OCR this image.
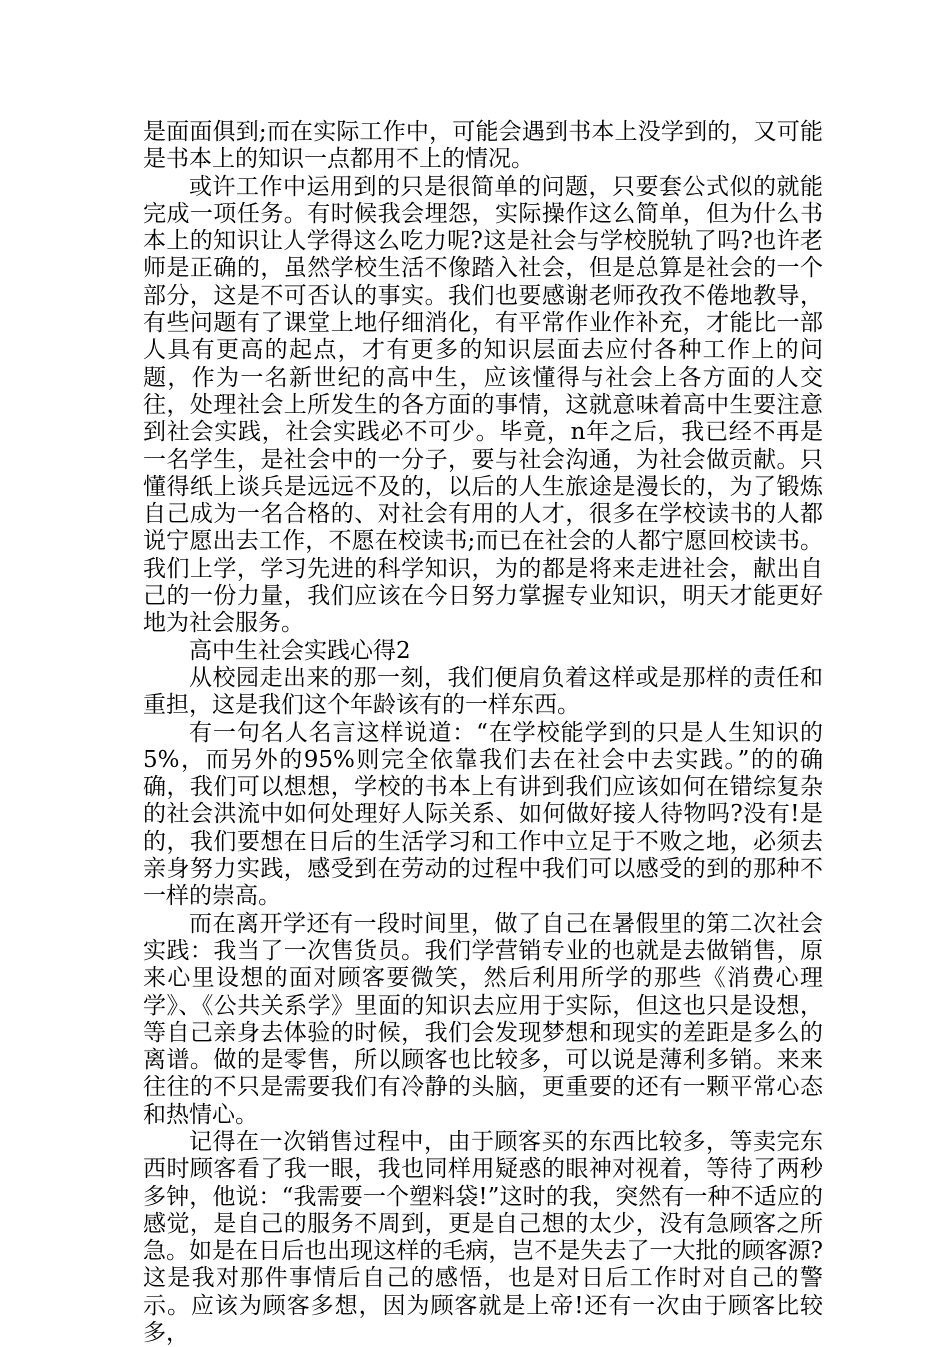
是面面俱到;而在实际工作中，可能会遇到书本上没学到的，又可能是书本上的知识一点都用不上的情况。

或许工作中运用到的只是很简单的问题，只要套公式似的就能完成一项任务。有时候我会埋怨，实际操作这么简单，但为什么书本上的知识让人学得这么吃力呢?这是社会与学校脱轨了吗?也许老师是正确的，虽然学校生活不像踏入社会，但是总算是社会的一个部分，这是不可否认的事实。我们也要感谢老师孜孜不倦地教导，有些问题有了课堂上地仔细消化，有平常作业作补充，才能比一部人具有更高的起点，才有更多的知识层面去应付各种工作上的问题，作为一名新世纪的高中生，应该懂得与社会上各方面的人交往，处理社会上所发生的各方面的事情，这就意味着高中生要注意到社会实践，社会实践必不可少。毕竟，n年之后，我已经不再是一名学生，是社会中的一分子，要与社会沟通，为社会做贡献。只懂得纸上谈兵是远远不及的，以后的人生旅途是漫长的，为了锻炼自己成为一名合格的、对社会有用的人才，很多在学校读书的人都说宁愿出去工作，不愿在校读书;而已在社会的人都宁愿回校读书。我们上学，学习先进的科学知识，为的都是将来走进社会，献出自己的一份力量，我们应该在今日努力掌握专业知识，明天才能更好地为社会服务。

高中生社会实践心得2

从校园走出来的那一刻，我们便肩负着这样或是那样的责任和重担，这是我们这个年龄该有的一样东西。

有一句名人名言这样说道：“在学校能学到的只是人生知识的5%，而另外的95%则完全依靠我们去在社会中去实践。”的的确确，我们可以想想，学校的书本上有讲到我们应该如何在错综复杂的社会洪流中如何处理好人际关系、如何做好接人待物吗?没有!是的，我们要想在日后的生活学习和工作中立足于不败之地，必须去亲身努力实践，感受到在劳动的过程中我们可以感受的到的那种不一样的崇高。

而在离开学还有一段时间里，做了自己在暑假里的第二次社会实践：我当了一次售货员。我们学营销专业的也就是去做销售，原来心里设想的面对顾客要微笑，然后利用所学的那些《消费心理学》、《公共关系学》里面的知识去应用于实际，但这也只是设想，等自己亲身去体验的时候，我们会发现梦想和现实的差距是多么的离谱。做的是零售，所以顾客也比较多，可以说是薄利多销。来来往往的不只是需要我们有冷静的头脑，更重要的还有一颗平常心态和热情心。

记得在一次销售过程中，由于顾客买的东西比较多，等卖完东西时顾客看了我一眼，我也同样用疑惑的眼神对视着，等待了两秒多钟，他说：“我需要一个塑料袋!”这时的我，突然有一种不适应的感觉，是自己的服务不周到，更是自己想的太少，没有急顾客之所急。如是在日后也出现这样的毛病，岂不是失去了一大批的顾客源?这是我对那件事情后自己的感悟，也是对日后工作时对自己的警示。应该为顾客多想，因为顾客就是上帝!还有一次由于顾客比较多，
